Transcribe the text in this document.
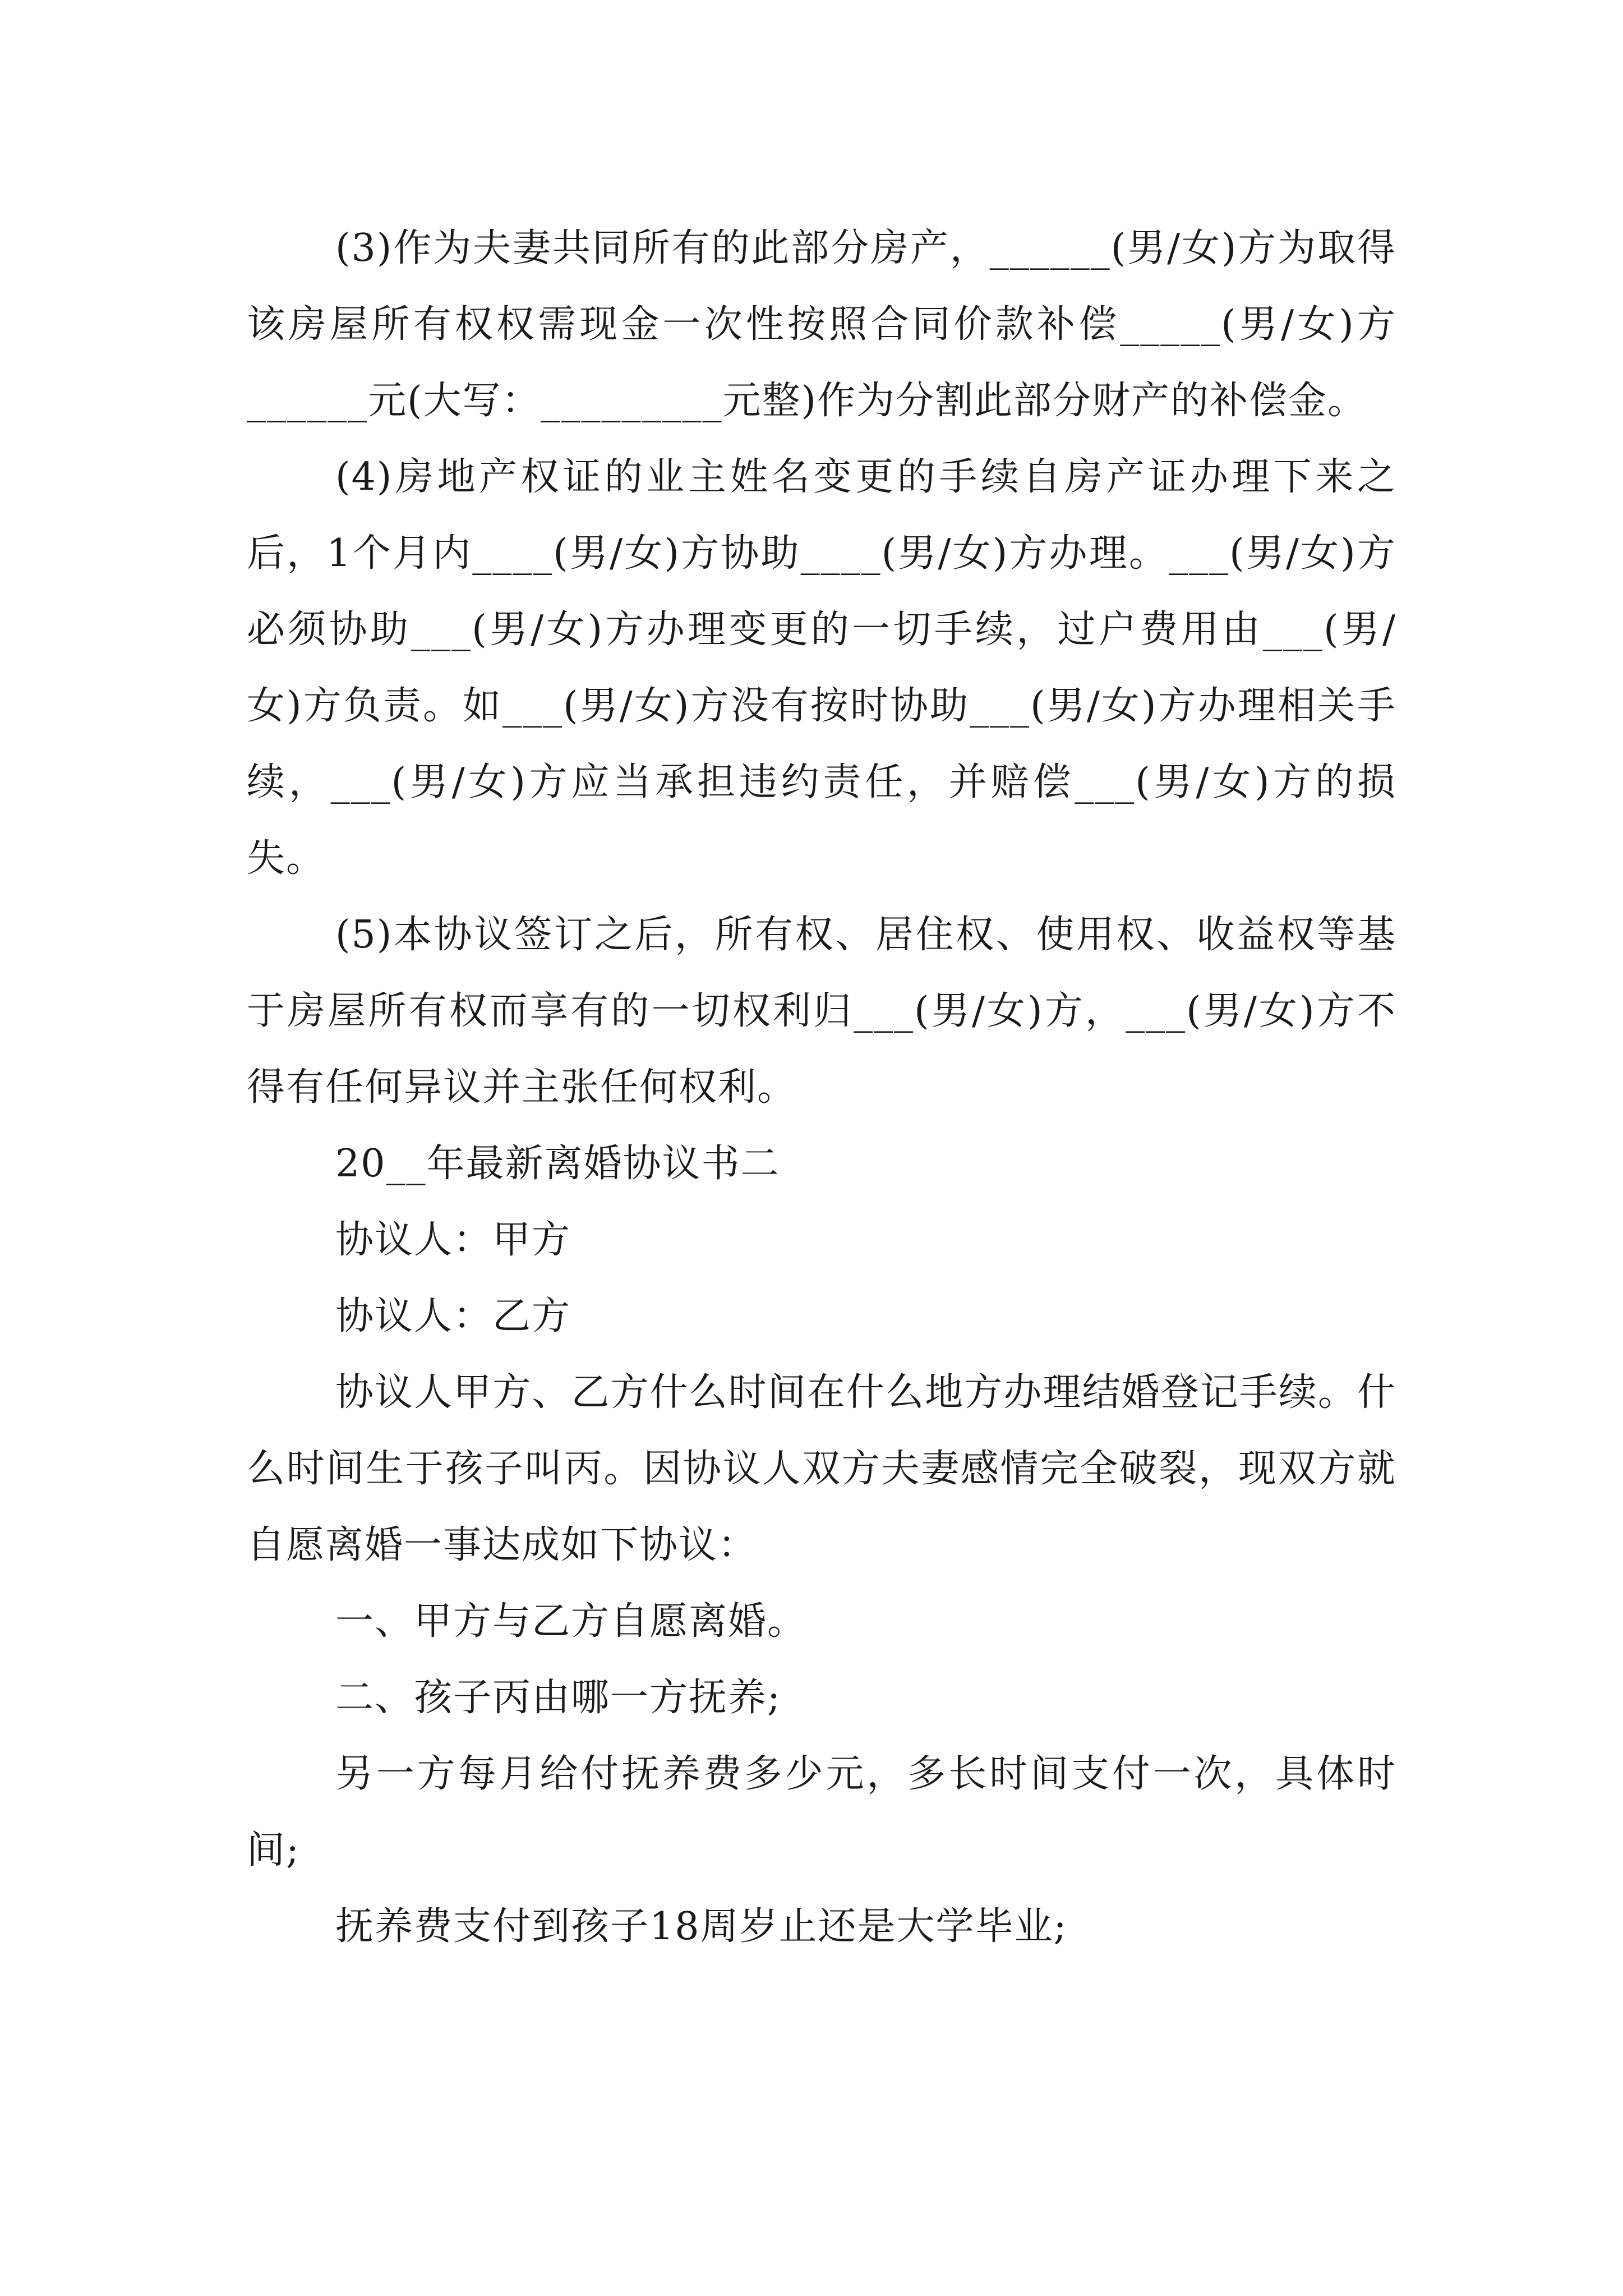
(3)作为夫妻共同所有的此部分房产，______(男/女)方为取得该房屋所有权权需现金一次性按照合同价款补偿_____(男/女)方______元(大写：_________元整)作为分割此部分财产的补偿金。

(4)房地产权证的业主姓名变更的手续自房产证办理下来之后，1个月内____(男/女)方协助____(男/女)方办理。___(男/女)方必须协助___(男/女)方办理变更的一切手续，过户费用由___(男/女)方负责。如___(男/女)方没有按时协助___(男/女)方办理相关手续，___(男/女)方应当承担违约责任，并赔偿___(男/女)方的损失。

(5)本协议签订之后，所有权、居住权、使用权、收益权等基于房屋所有权而享有的一切权利归___(男/女)方，___(男/女)方不得有任何异议并主张任何权利。

20__年最新离婚协议书二

协议人：甲方

协议人：乙方

协议人甲方、乙方什么时间在什么地方办理结婚登记手续。什么时间生于孩子叫丙。因协议人双方夫妻感情完全破裂，现双方就自愿离婚一事达成如下协议：

一、甲方与乙方自愿离婚。

二、孩子丙由哪一方抚养;

另一方每月给付抚养费多少元，多长时间支付一次，具体时间;

抚养费支付到孩子18周岁止还是大学毕业;
